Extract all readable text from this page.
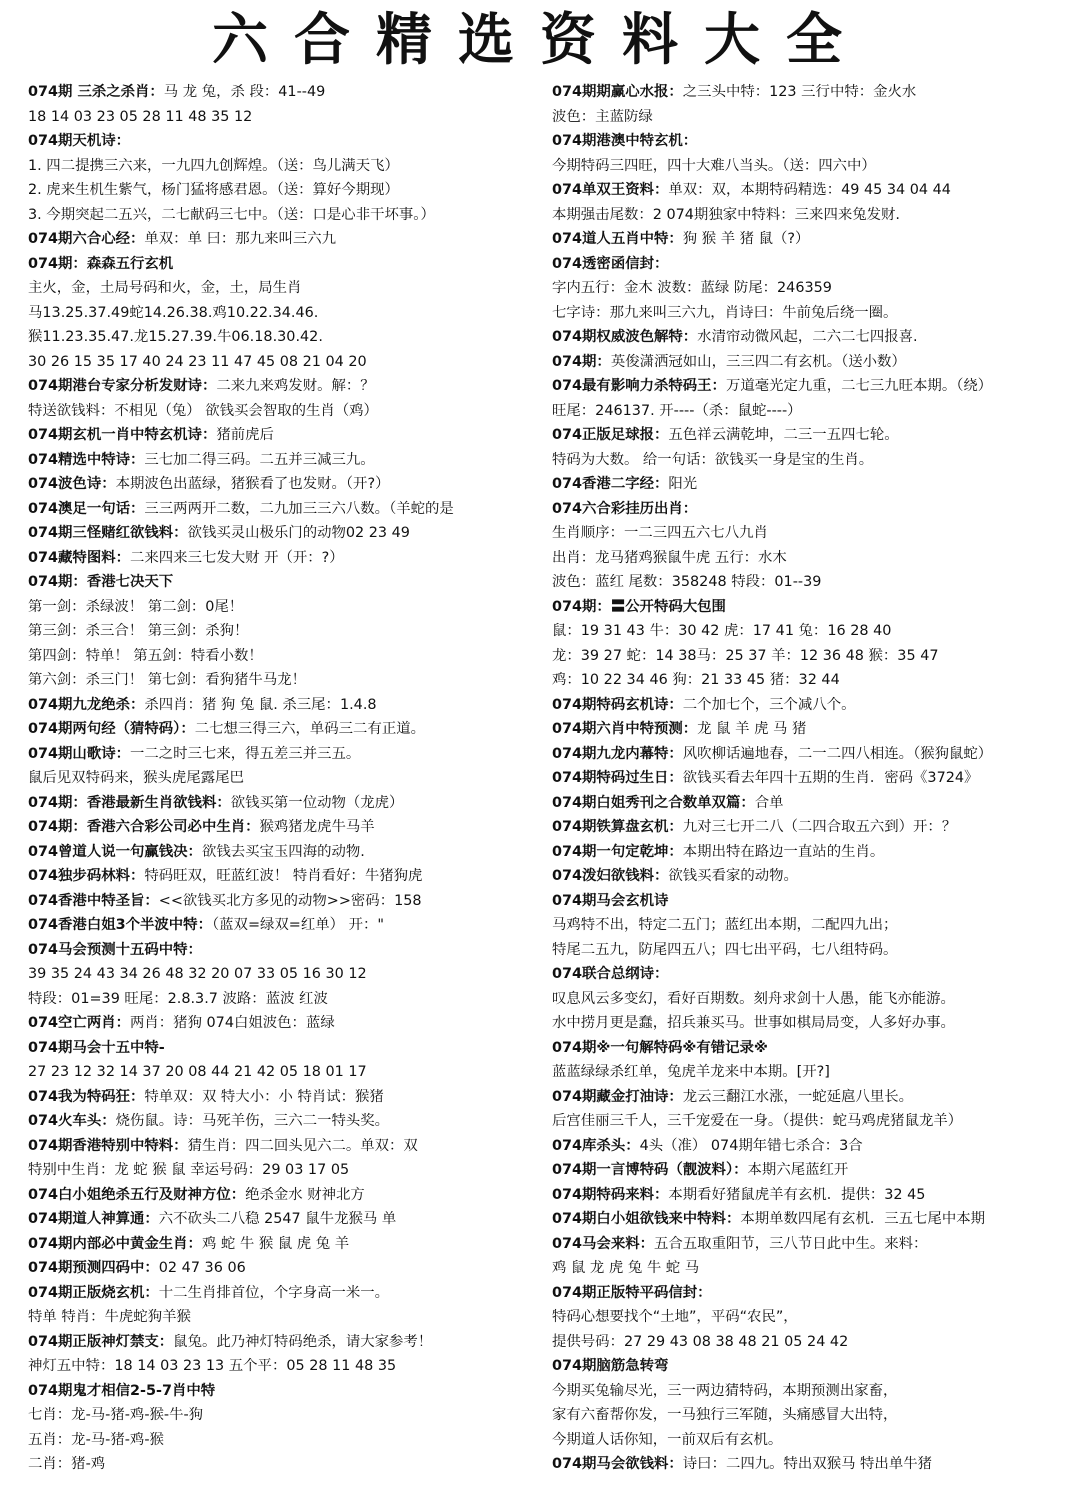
六合精选资料大全
074期 三杀之杀肖：马 龙 兔，杀 段：41--49
18 14 03 23 05 28 11 48 35 12
074期天机诗：
1. 四二提携三六来，一九四九创辉煌。（送：鸟儿满天飞）
2. 虎来生机生紫气，杨门猛将感君恩。（送：算好今期现）
3. 今期突起二五兴，二七献码三七中。（送：口是心非干坏事。）
074期六合心经：单双：单 曰：那九来叫三六九
074期：森森五行玄机
主火，金，土局号码和火，金，土，局生肖
马13.25.37.49蛇14.26.38.鸡10.22.34.46.
猴11.23.35.47.龙15.27.39.牛06.18.30.42.
30 26 15 35 17 40 24 23 11 47 45 08 21 04 20
074期港台专家分析发财诗：二来九来鸡发财。解：？
特送欲钱料：不相见（兔） 欲钱买会智取的生肖（鸡）
074期玄机一肖中特玄机诗：猪前虎后
074精选中特诗：三七加二得三码。二五并三减三九。
074波色诗：本期波色出蓝绿，猪猴看了也发财。（开?）
074澳足一句话：三三两两开二数，二九加三三六八数。（羊蛇的是
074期三怪赌红欲钱料：欲钱买灵山极乐门的动物02 23 49
074藏特图料：二来四来三七发大财 开（开：?）
074期：香港七决天下
第一剑：杀绿波！ 第二剑：0尾！
第三剑：杀三合！ 第三剑：杀狗！
第四剑：特单！ 第五剑：特看小数！
第六剑：杀三门！ 第七剑：看狗猪牛马龙！
074期九龙绝杀：杀四肖：猪 狗 兔 鼠. 杀三尾：1.4.8
074期两句经（猜特码）：二七想三得三六，单码三二有正道。
074期山歌诗：一二之时三七来，得五差三并三五。
鼠后见双特码来，猴头虎尾露尾巴
074期：香港最新生肖欲钱料：欲钱买第一位动物（龙虎）
074期：香港六合彩公司必中生肖：猴鸡猪龙虎牛马羊
074曾道人说一句赢钱决：欲钱去买宝玉四海的动物.
074独步码林料：特码旺双，旺蓝红波！ 特肖看好：牛猪狗虎
074香港中特圣旨：<<欲钱买北方多见的动物>>密码：158
074香港白姐3个半波中特：（蓝双=绿双=红单） 开："
074马会预测十五码中特：
39 35 24 43 34 26 48 32 20 07 33 05 16 30 12
特段：01=39 旺尾：2.8.3.7 波路：蓝波 红波
074空亡两肖：两肖：猪狗 074白姐波色：蓝绿
074期马会十五中特-
27 23 12 32 14 37 20 08 44 21 42 05 18 01 17
074我为特码狂：特单双：双 特大小：小 特肖试：猴猪
074火车头：烧伤鼠。诗：马死羊伤，三六二一特头奖。
074期香港特别中特料：猜生肖：四二回头见六二。单双：双
特别中生肖：龙 蛇 猴 鼠 幸运号码：29 03 17 05
074白小姐绝杀五行及财神方位：绝杀金水 财神北方
074期道人神算通：六不砍头二八稳 2547 鼠牛龙猴马 单
074期内部必中黄金生肖：鸡 蛇 牛 猴 鼠 虎 兔 羊
074期预测四码中：02 47 36 06
074期正版烧玄机：十二生肖排首位，个字身高一米一。
特单 特肖：牛虎蛇狗羊猴
074期正版神灯禁支：鼠兔。此乃神灯特码绝杀，请大家参考！
神灯五中特：18 14 03 23 13 五个平：05 28 11 48 35
074期鬼才相信2-5-7肖中特
七肖：龙-马-猪-鸡-猴-牛-狗
五肖：龙-马-猪-鸡-猴
二肖：猪-鸡
074期期赢心水报：之三头中特：123 三行中特：金火水
波色：主蓝防绿
074期港澳中特玄机：
今期特码三四旺，四十大难八当头。（送：四六中）
074单双王资料：单双：双，本期特码精选：49 45 34 04 44
本期强击尾数：2 074期独家中特料：三来四来兔发财.
074道人五肖中特：狗 猴 羊 猪 鼠（?）
074透密函信封：
字内五行：金木 波数：蓝绿 防尾：246359
七字诗：那九来叫三六九，肖诗曰：牛前兔后绕一圈。
074期权威波色解特：水清帘动微风起，二六二七四报喜.
074期：英俊潇洒冠如山，三三四二有玄机。（送小数）
074最有影响力杀特码王：万道毫光定九重，二七三九旺本期。（绕）
旺尾：246137. 开----（杀：鼠蛇----）
074正版足球报：五色祥云满乾坤，二三一五四七轮。
特码为大数。 给一句话：欲钱买一身是宝的生肖。
074香港二字经：阳光
074六合彩挂历出肖：
生肖顺序：一二三四五六七八九肖
出肖：龙马猪鸡猴鼠牛虎 五行：水木
波色：蓝红 尾数：358248 特段：01--39
074期：〓公开特码大包围
鼠：19 31 43 牛：30 42 虎：17 41 兔：16 28 40
龙：39 27 蛇：14 38马：25 37 羊：12 36 48 猴：35 47
鸡：10 22 34 46 狗：21 33 45 猪：32 44
074期特码玄机诗：二个加七个，三个减八个。
074期六肖中特预测：龙 鼠 羊 虎 马 猪
074期九龙内幕特：风吹柳话遍地春，二一二四八相连。（猴狗鼠蛇）
074期特码过生日：欲钱买看去年四十五期的生肖．密码《3724》
074期白姐秀刊之合数单双篇：合单
074期铁算盘玄机：九对三七开二八（二四合取五六到）开：？
074期一句定乾坤：本期出特在路边一直站的生肖。
074泼妇欲钱料：欲钱买看家的动物。
074期马会玄机诗
马鸡特不出，特定二五门；蓝红出本期，二配四九出；
特尾二五九，防尾四五八；四七出平码，七八组特码。
074联合总纲诗：
叹息风云多变幻，看好百期数。刻舟求剑十人愚，能飞亦能游。
水中捞月更是蠢，招兵兼买马。世事如棋局局变，人多好办事。
074期※一句解特码※有错记录※
蓝蓝绿绿杀红单，兔虎羊龙来中本期。[开?]
074期藏金打油诗：龙云三翻江水涨，一蛇延扈八里长。
后宫佳丽三千人，三千宠爱在一身。（提供：蛇马鸡虎猪鼠龙羊）
074库杀头：4头（准） 074期年错七杀合：3合
074期一言博特码（靓波料）：本期六尾蓝红开
074期特码来料：本期看好猪鼠虎羊有玄机．提供：32 45
074期白小姐欲钱来中特料：本期单数四尾有玄机．三五七尾中本期
074马会来料：五合五取重阳节，三八节日此中生。来料：
鸡 鼠 龙 虎 兔 牛 蛇 马
074期正版特平码信封：
特码心想要找个“土地”，平码“农民”，
提供号码：27 29 43 08 38 48 21 05 24 42
074期脑筋急转弯
今期买兔输尽光，三一两边猜特码，本期预测出家畜，
家有六畜帮你发，一马独行三军随，头痛感冒大出特，
今期道人话你知，一前双后有玄机。
074期马会欲钱料：诗曰：二四九。特出双猴马 特出单牛猪
